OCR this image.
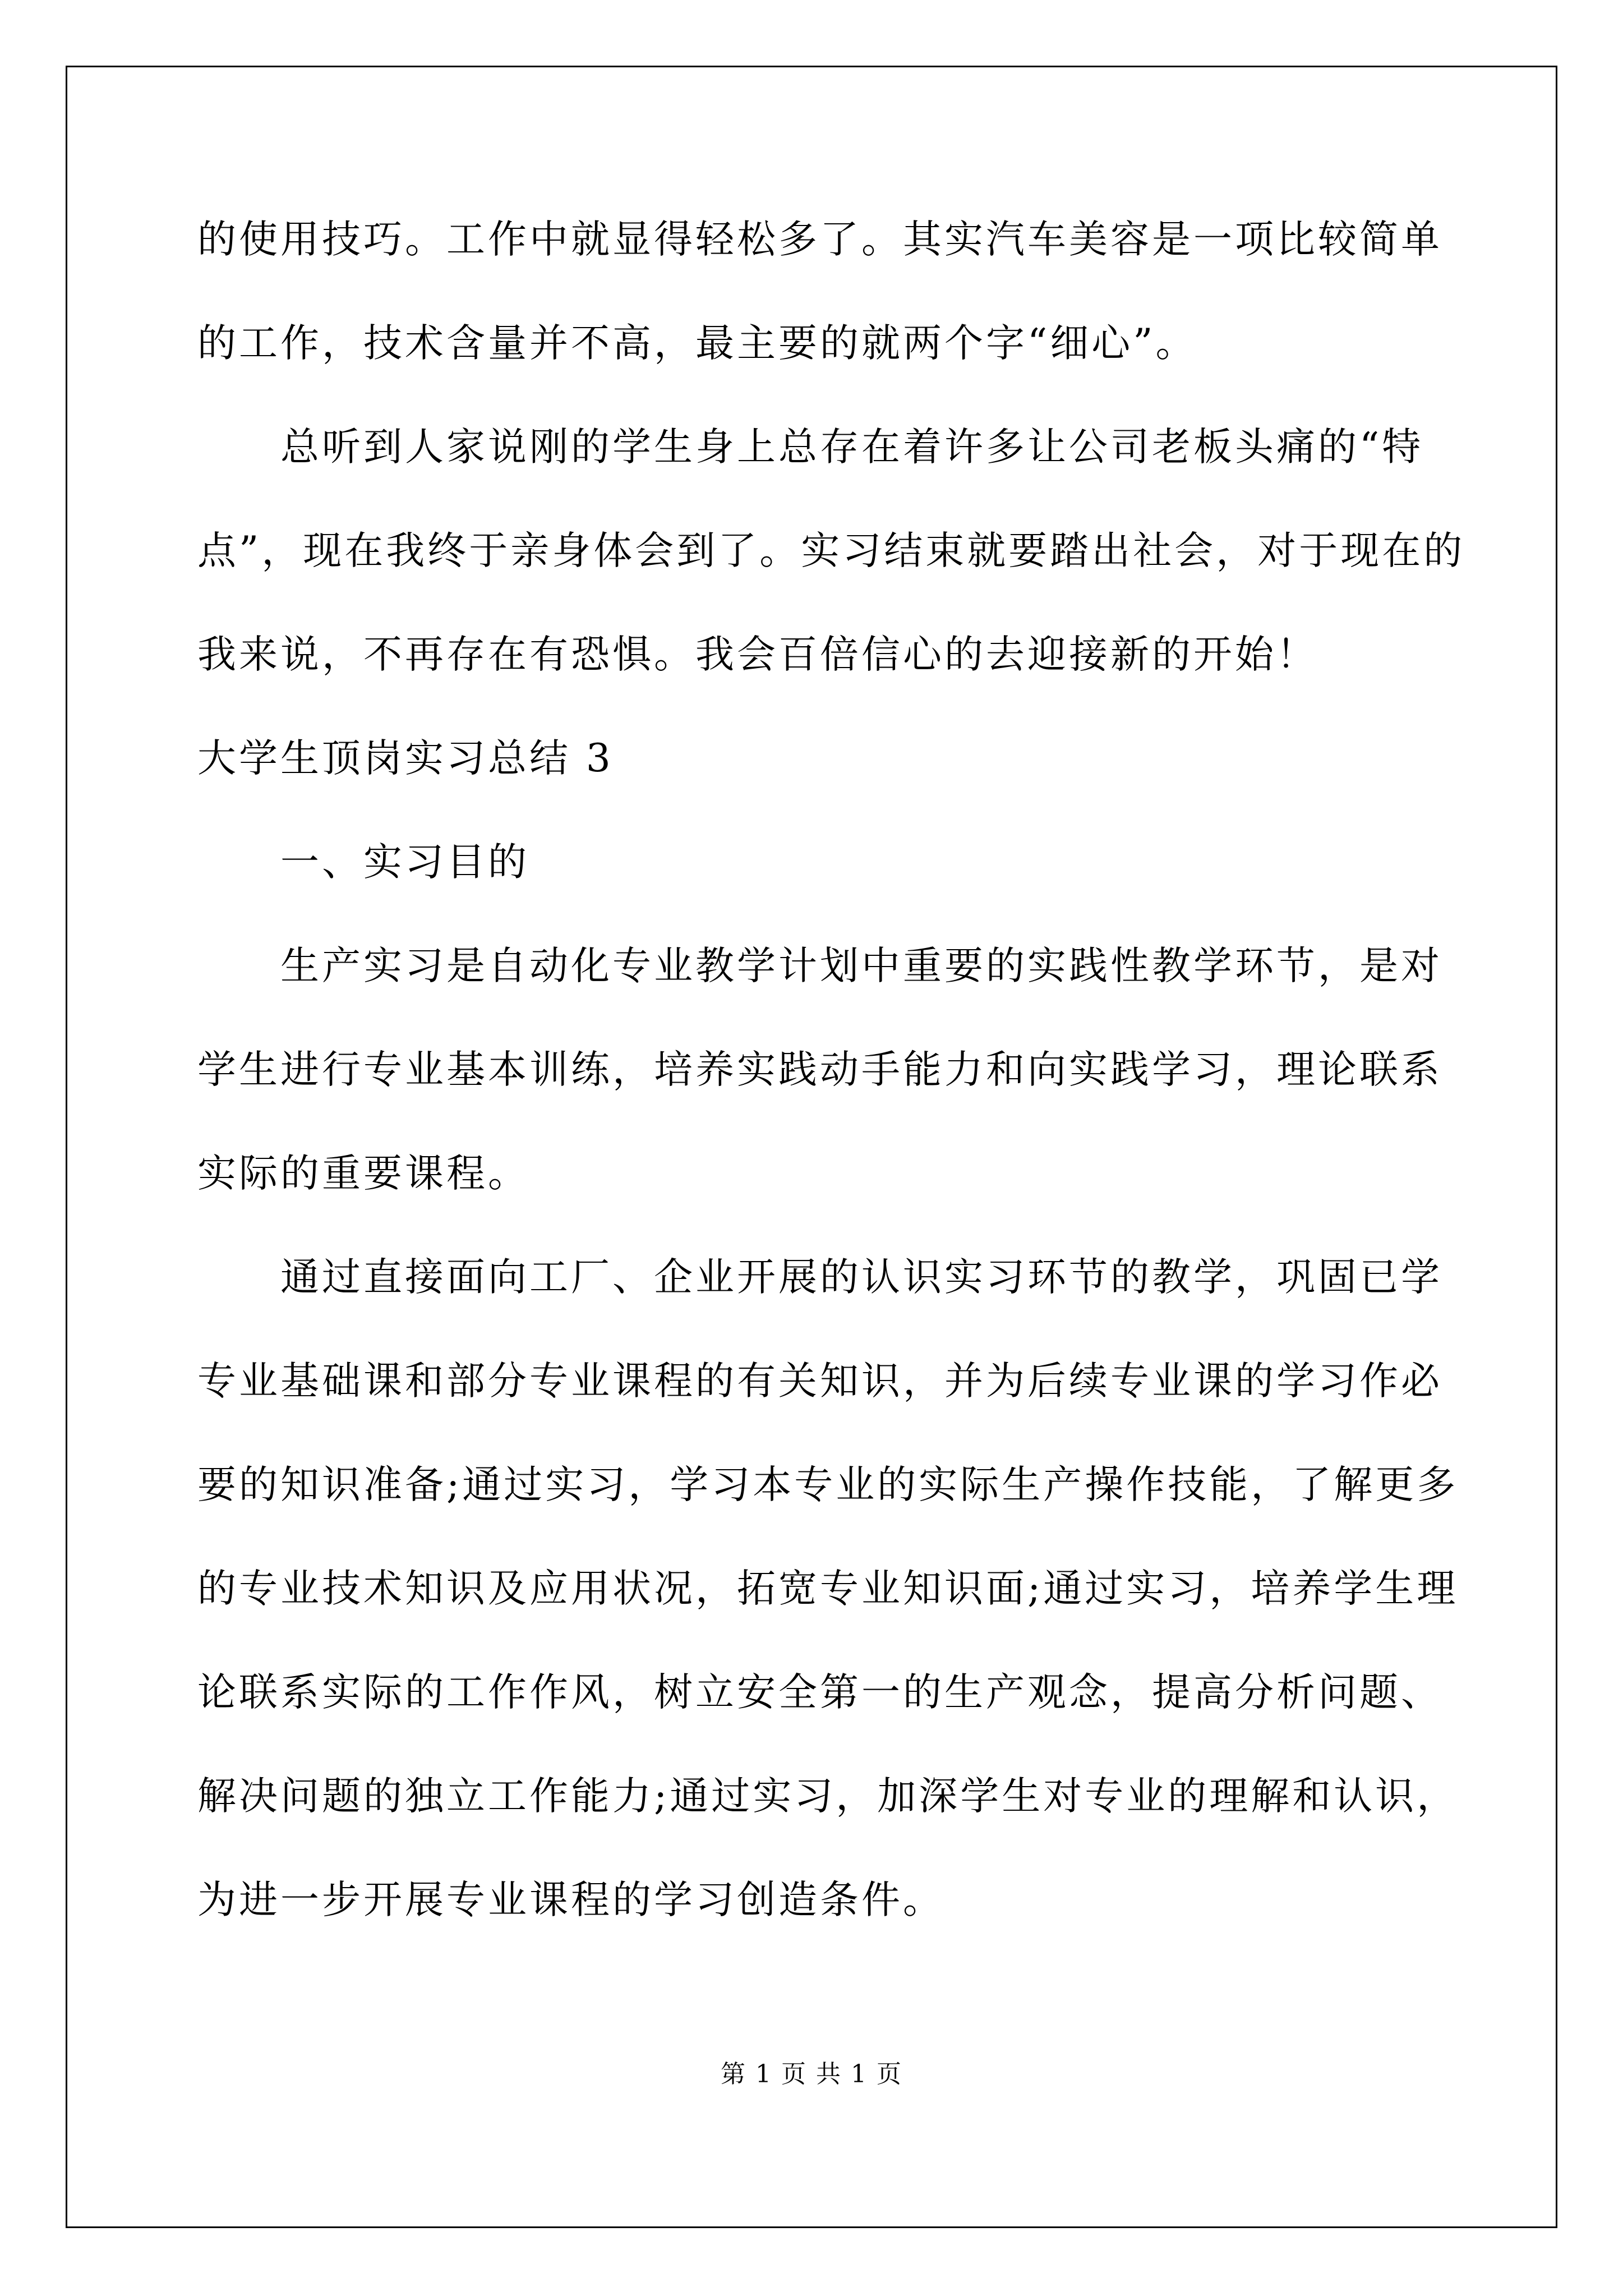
的使用技巧。工作中就显得轻松多了。其实汽车美容是一项比较简单

的工作，技术含量并不高，最主要的就两个字“细心”。

总听到人家说刚的学生身上总存在着许多让公司老板头痛的“特

点”，现在我终于亲身体会到了。实习结束就要踏出社会，对于现在的

我来说，不再存在有恐惧。我会百倍信心的去迎接新的开始！

大学生顶岗实习总结 3

一、实习目的

生产实习是自动化专业教学计划中重要的实践性教学环节，是对

学生进行专业基本训练，培养实践动手能力和向实践学习，理论联系

实际的重要课程。

通过直接面向工厂、企业开展的认识实习环节的教学，巩固已学

专业基础课和部分专业课程的有关知识，并为后续专业课的学习作必

要的知识准备;通过实习，学习本专业的实际生产操作技能，了解更多

的专业技术知识及应用状况，拓宽专业知识面;通过实习，培养学生理

论联系实际的工作作风，树立安全第一的生产观念，提高分析问题、

解决问题的独立工作能力;通过实习，加深学生对专业的理解和认识，

为进一步开展专业课程的学习创造条件。

第 1 页 共 1 页
